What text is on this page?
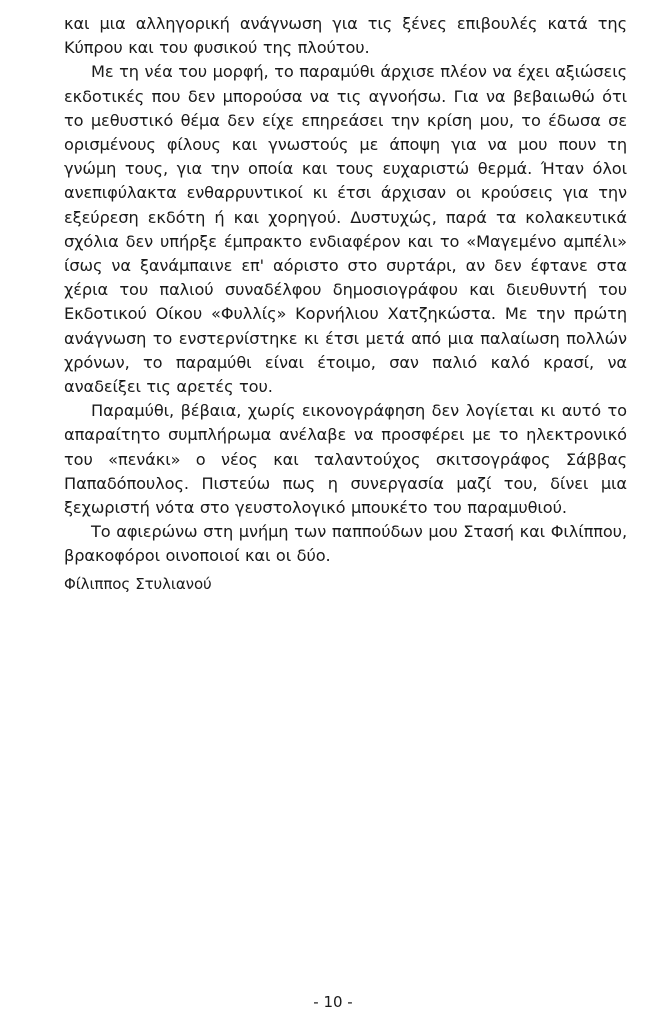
και μια αλληγορική ανάγνωση για τις ξένες επιβουλές κατά της Κύπρου και του φυσικού της πλούτου.

Με τη νέα του μορφή, το παραμύθι άρχισε πλέον να έχει αξιώσεις εκδοτικές που δεν μπορούσα να τις αγνοήσω. Για να βεβαιωθώ ότι το μεθυστικό θέμα δεν είχε επηρεάσει την κρίση μου, το έδωσα σε ορισμένους φίλους και γνωστούς με άποψη για να μου πουν τη γνώμη τους, για την οποία και τους ευχαριστώ θερμά. Ήταν όλοι ανεπιφύλακτα ενθαρρυντικοί κι έτσι άρχισαν οι κρούσεις για την εξεύρεση εκδότη ή και χορηγού. Δυστυχώς, παρά τα κολακευτικά σχόλια δεν υπήρξε έμπρακτο ενδιαφέρον και το «Μαγεμένο αμπέλι» ίσως να ξανάμπαινε επ' αόριστο στο συρτάρι, αν δεν έφτανε στα χέρια του παλιού συναδέλφου δημοσιογράφου και διευθυντή του Εκδοτικού Οίκου «Φυλλίς» Κορνήλιου Χατζηκώστα. Με την πρώτη ανάγνωση το ενστερνίστηκε κι έτσι μετά από μια παλαίωση πολλών χρόνων, το παραμύθι είναι έτοιμο, σαν παλιό καλό κρασί, να αναδείξει τις αρετές του.

Παραμύθι, βέβαια, χωρίς εικονογράφηση δεν λογίεται κι αυτό το απαραίτητο συμπλήρωμα ανέλαβε να προσφέρει με το ηλεκτρονικό του «πενάκι» ο νέος και ταλαντούχος σκιτσογράφος Σάββας Παπαδόπουλος. Πιστεύω πως η συνεργασία μαζί του, δίνει μια ξεχωριστή νότα στο γευστολογικό μπουκέτο του παραμυθιού.

Το αφιερώνω στη μνήμη των παππούδων μου Στασή και Φιλίππου, βρακοφόροι οινοποιοί και οι δύο.

Φίλιππος Στυλιανού

- 10 -
